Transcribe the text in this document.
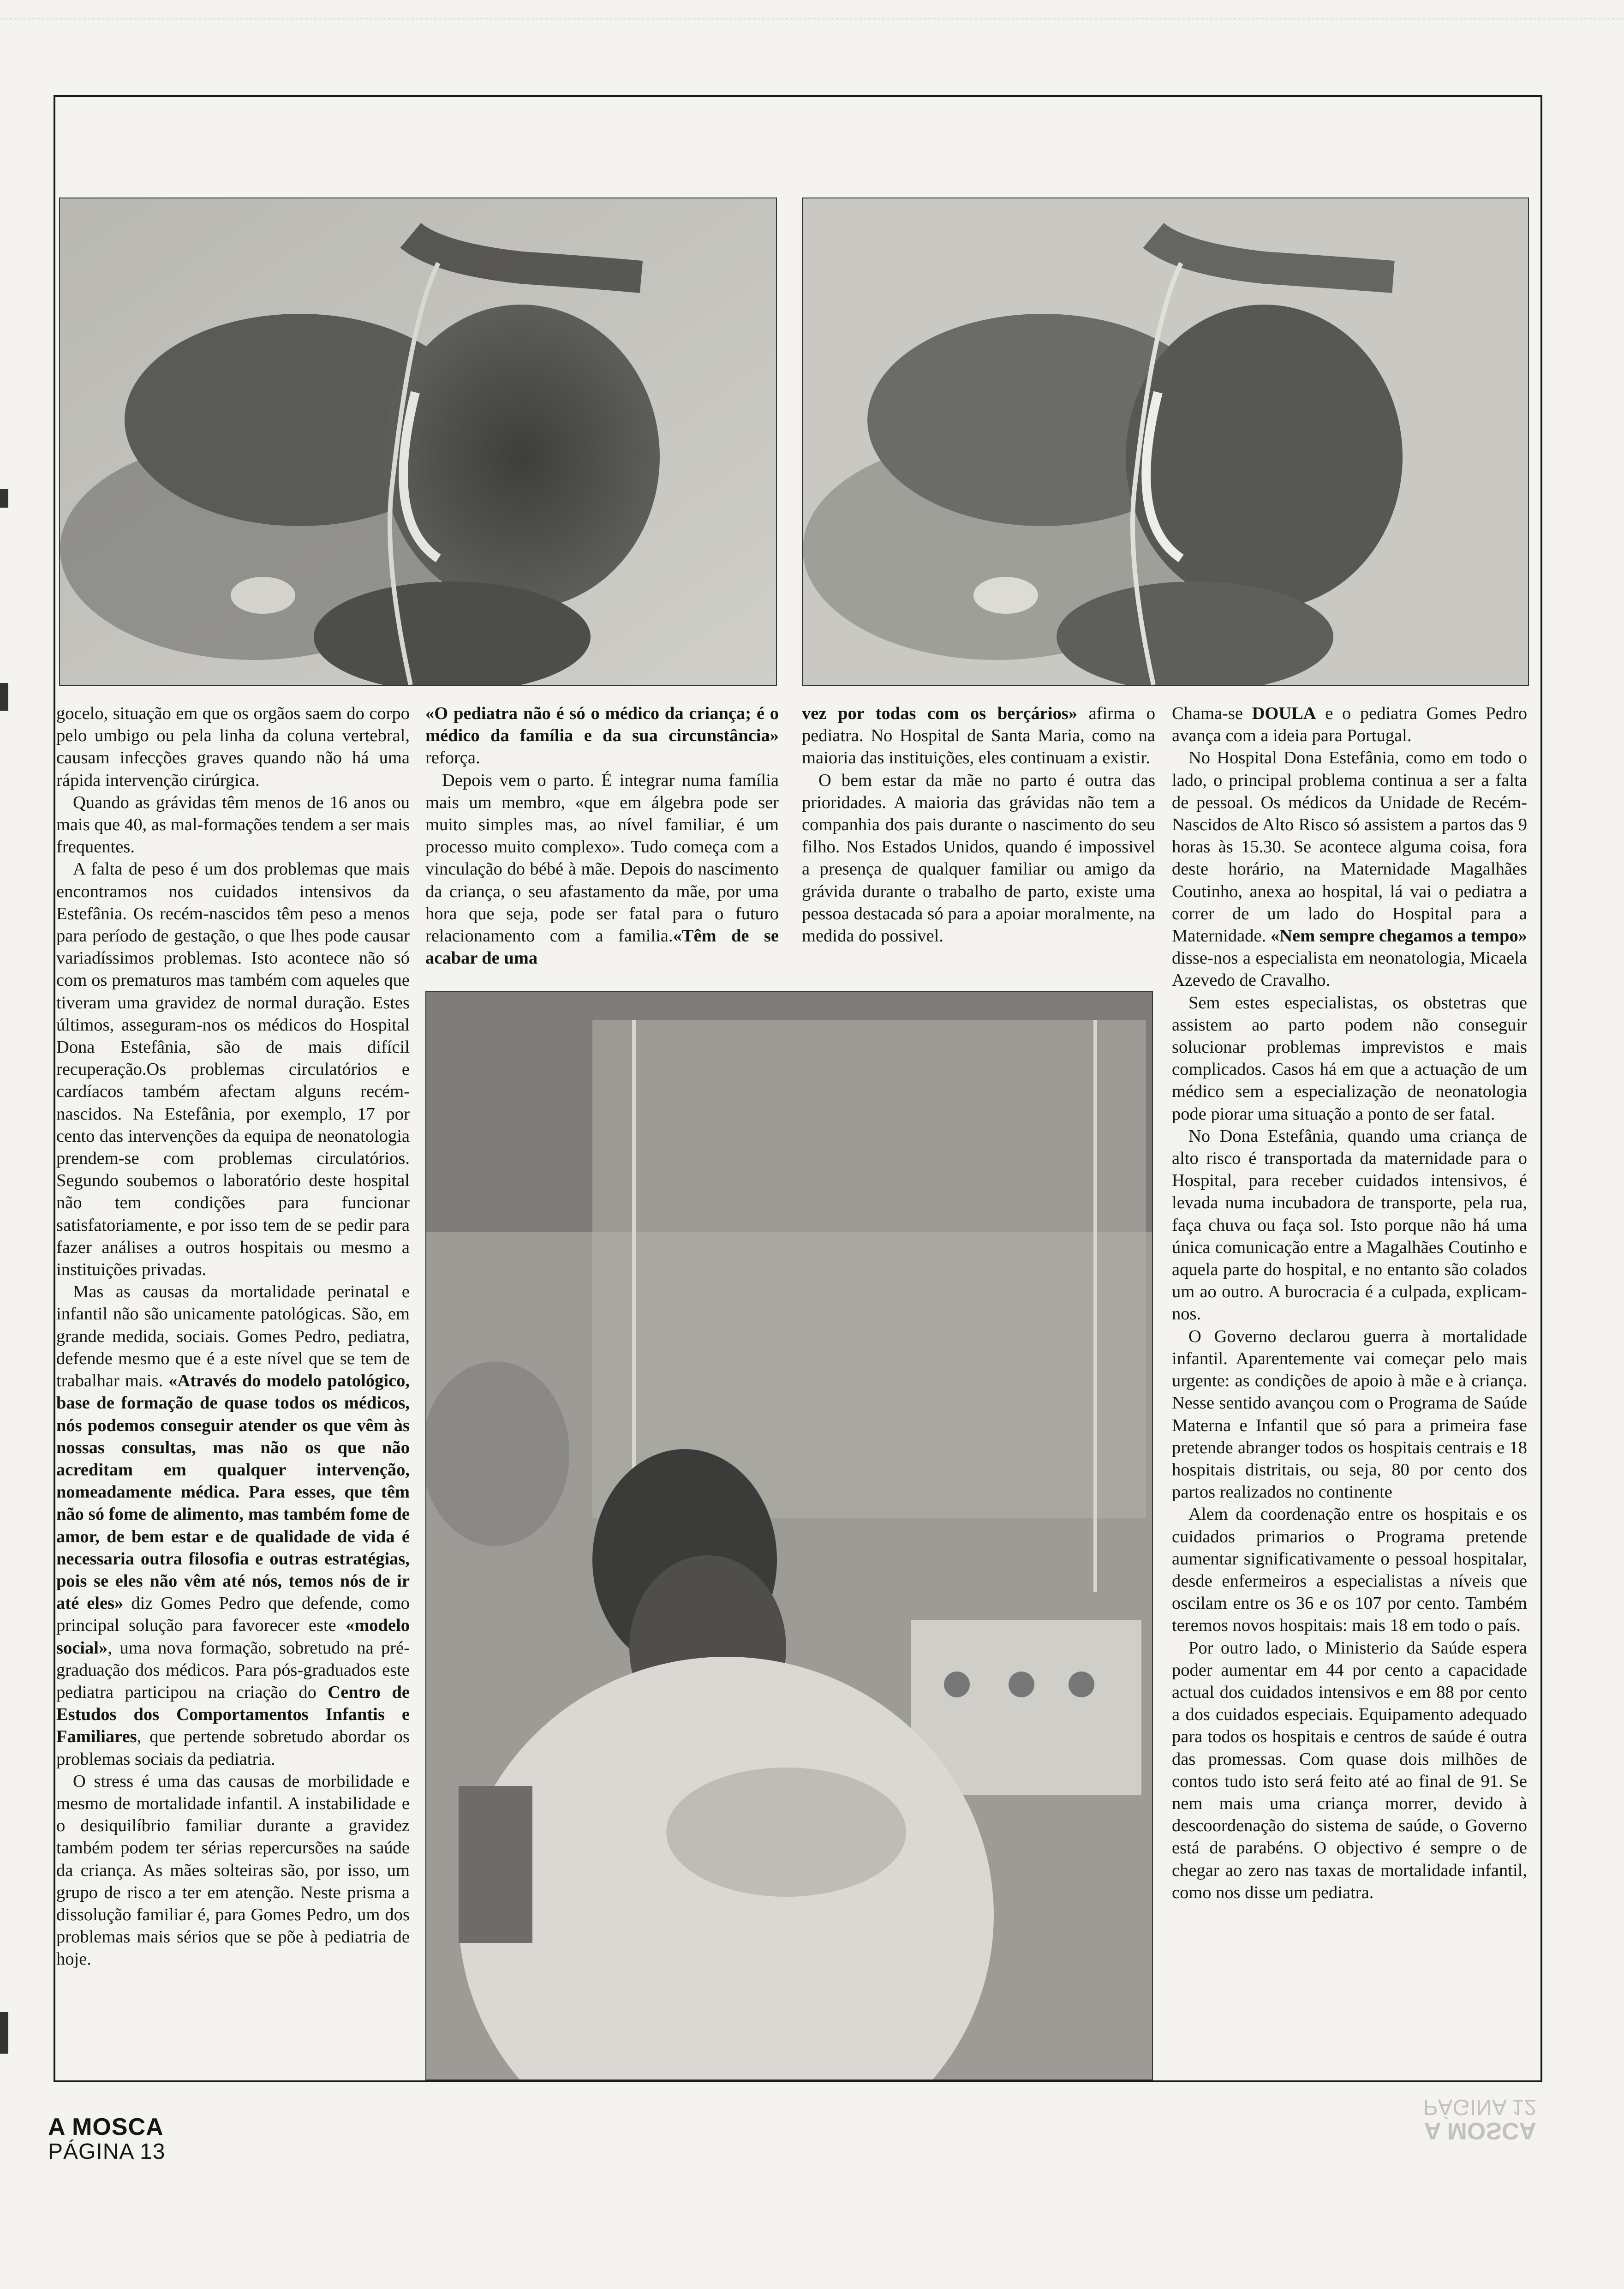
gocelo, situação em que os orgãos saem do corpo pelo umbigo ou pela linha da coluna vertebral, causam infecções graves quando não há uma rápida intervenção cirúrgica.

Quando as grávidas têm menos de 16 anos ou mais que 40, as mal-formações tendem a ser mais frequentes.

A falta de peso é um dos problemas que mais encontramos nos cuidados intensivos da Estefânia. Os recém-nascidos têm peso a menos para período de gestação, o que lhes pode causar variadíssimos problemas. Isto acontece não só com os prematuros mas também com aqueles que tiveram uma gravidez de normal duração. Estes últimos, asseguram-nos os médicos do Hospital Dona Estefânia, são de mais difícil recuperação.Os problemas circulatórios e cardíacos também afectam alguns recém-nascidos. Na Estefânia, por exemplo, 17 por cento das intervenções da equipa de neonatologia prendem-se com problemas circulatórios. Segundo soubemos o laboratório deste hospital não tem condições para funcionar satisfatoriamente, e por isso tem de se pedir para fazer análises a outros hospitais ou mesmo a instituições privadas.

Mas as causas da mortalidade perinatal e infantil não são unicamente patológicas. São, em grande medida, sociais. Gomes Pedro, pediatra, defende mesmo que é a este nível que se tem de trabalhar mais. «Através do modelo patológico, base de formação de quase todos os médicos, nós podemos conseguir atender os que vêm às nossas consultas, mas não os que não acreditam em qualquer intervenção, nomeadamente médica. Para esses, que têm não só fome de alimento, mas também fome de amor, de bem estar e de qualidade de vida é necessaria outra filosofia e outras estratégias, pois se eles não vêm até nós, temos nós de ir até eles» diz Gomes Pedro que defende, como principal solução para favorecer este «modelo social», uma nova formação, sobretudo na pré-graduação dos médicos. Para pós-graduados este pediatra participou na criação do Centro de Estudos dos Comportamentos Infantis e Familiares, que pertende sobretudo abordar os problemas sociais da pediatria.

O stress é uma das causas de morbilidade e mesmo de mortalidade infantil. A instabilidade e o desiquilíbrio familiar durante a gravidez também podem ter sérias repercursões na saúde da criança. As mães solteiras são, por isso, um grupo de risco a ter em atenção. Neste prisma a dissolução familiar é, para Gomes Pedro, um dos problemas mais sérios que se põe à pediatria de hoje.

«O pediatra não é só o médico da criança; é o médico da família e da sua circunstância» reforça.

Depois vem o parto. É integrar numa família mais um membro, «que em álgebra pode ser muito simples mas, ao nível familiar, é um processo muito complexo». Tudo começa com a vinculação do bébé à mãe. Depois do nascimento da criança, o seu afastamento da mãe, por uma hora que seja, pode ser fatal para o futuro relacionamento com a familia.«Têm de se acabar de uma

vez por todas com os berçários» afirma o pediatra. No Hospital de Santa Maria, como na maioria das instituições, eles continuam a existir.

O bem estar da mãe no parto é outra das prioridades. A maioria das grávidas não tem a companhia dos pais durante o nascimento do seu filho. Nos Estados Unidos, quando é impossivel a presença de qualquer familiar ou amigo da grávida durante o trabalho de parto, existe uma pessoa destacada só para a apoiar moralmente, na medida do possivel.

Chama-se DOULA e o pediatra Gomes Pedro avança com a ideia para Portugal.

No Hospital Dona Estefânia, como em todo o lado, o principal problema continua a ser a falta de pessoal. Os médicos da Unidade de Recém-Nascidos de Alto Risco só assistem a partos das 9 horas às 15.30. Se acontece alguma coisa, fora deste horário, na Maternidade Magalhães Coutinho, anexa ao hospital, lá vai o pediatra a correr de um lado do Hospital para a Maternidade. «Nem sempre chegamos a tempo» disse-nos a especialista em neonatologia, Micaela Azevedo de Cravalho.

Sem estes especialistas, os obstetras que assistem ao parto podem não conseguir solucionar problemas imprevistos e mais complicados. Casos há em que a actuação de um médico sem a especialização de neonatologia pode piorar uma situação a ponto de ser fatal.

No Dona Estefânia, quando uma criança de alto risco é transportada da maternidade para o Hospital, para receber cuidados intensivos, é levada numa incubadora de transporte, pela rua, faça chuva ou faça sol. Isto porque não há uma única comunicação entre a Magalhães Coutinho e aquela parte do hospital, e no entanto são colados um ao outro. A burocracia é a culpada, explicam-nos.

O Governo declarou guerra à mortalidade infantil. Aparentemente vai começar pelo mais urgente: as condições de apoio à mãe e à criança. Nesse sentido avançou com o Programa de Saúde Materna e Infantil que só para a primeira fase pretende abranger todos os hospitais centrais e 18 hospitais distritais, ou seja, 80 por cento dos partos realizados no continente

Alem da coordenação entre os hospitais e os cuidados primarios o Programa pretende aumentar significativamente o pessoal hospitalar, desde enfermeiros a especialistas a níveis que oscilam entre os 36 e os 107 por cento. Também teremos novos hospitais: mais 18 em todo o país.

Por outro lado, o Ministerio da Saúde espera poder aumentar em 44 por cento a capacidade actual dos cuidados intensivos e em 88 por cento a dos cuidados especiais. Equipamento adequado para todos os hospitais e centros de saúde é outra das promessas. Com quase dois milhões de contos tudo isto será feito até ao final de 91. Se nem mais uma criança morrer, devido à descoordenação do sistema de saúde, o Governo está de parabéns. O objectivo é sempre o de chegar ao zero nas taxas de mortalidade infantil, como nos disse um pediatra.

A MOSCA
PÁGINA 13
A MOSCA
PÁGINA 12
